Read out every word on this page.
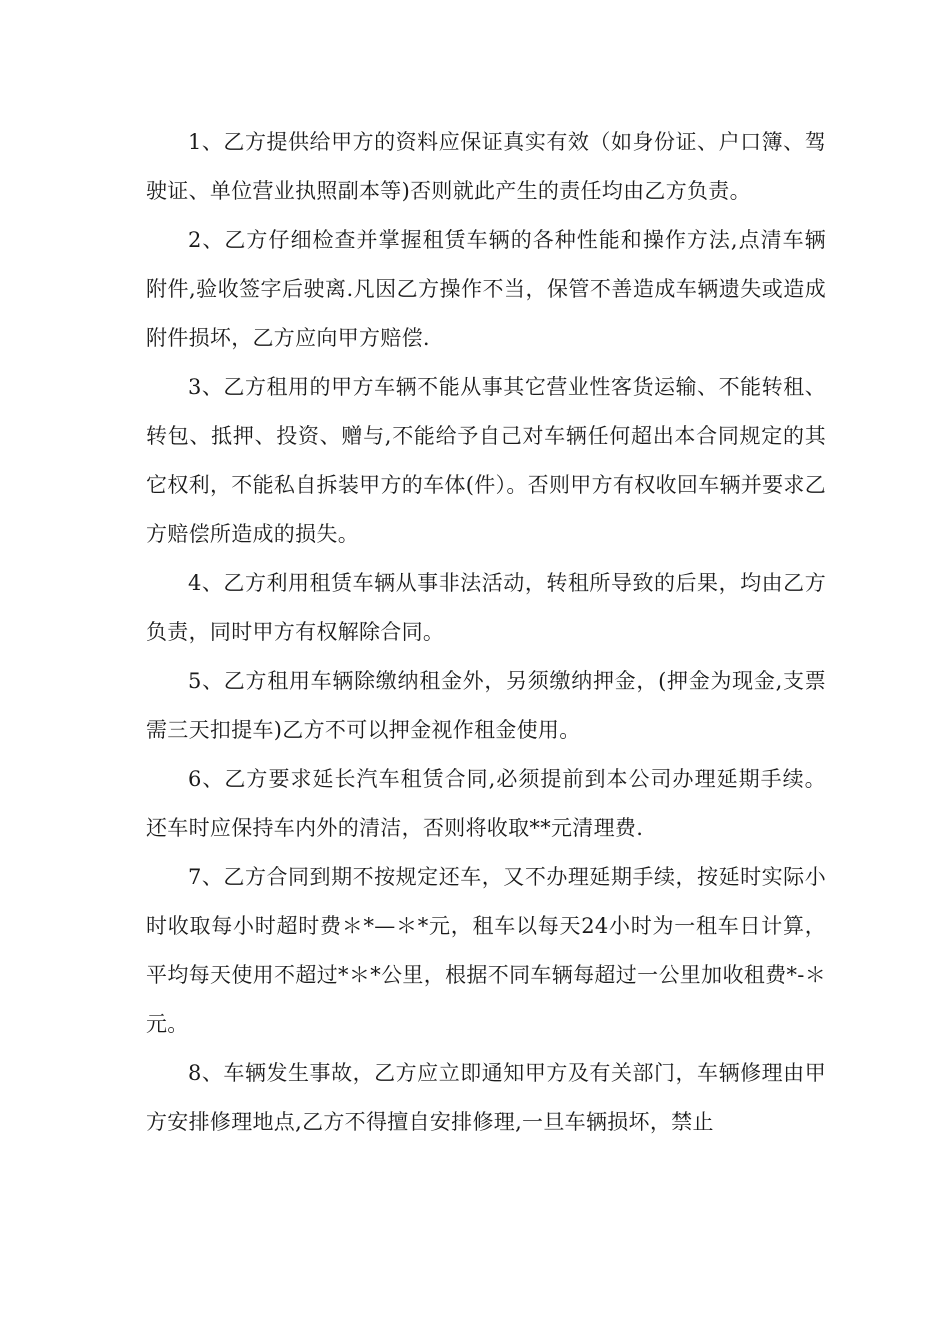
1、乙方提供给甲方的资料应保证真实有效（如身份证、户口簿、驾驶证、单位营业执照副本等)否则就此产生的责任均由乙方负责。

2、乙方仔细检查并掌握租赁车辆的各种性能和操作方法,点清车辆附件,验收签字后驶离.凡因乙方操作不当，保管不善造成车辆遗失或造成附件损坏，乙方应向甲方赔偿.

3、乙方租用的甲方车辆不能从事其它营业性客货运输、不能转租、转包、抵押、投资、赠与,不能给予自己对车辆任何超出本合同规定的其它权利，不能私自拆装甲方的车体(件）。否则甲方有权收回车辆并要求乙方赔偿所造成的损失。

4、乙方利用租赁车辆从事非法活动，转租所导致的后果，均由乙方负责，同时甲方有权解除合同。

5、乙方租用车辆除缴纳租金外，另须缴纳押金，(押金为现金,支票需三天扣提车)乙方不可以押金视作租金使用。

6、乙方要求延长汽车租赁合同,必须提前到本公司办理延期手续。还车时应保持车内外的清洁，否则将收取**元清理费.

7、乙方合同到期不按规定还车，又不办理延期手续，按延时实际小时收取每小时超时费＊*—＊*元，租车以每天24小时为一租车日计算，平均每天使用不超过*＊*公里，根据不同车辆每超过一公里加收租费*-＊元。

8、车辆发生事故，乙方应立即通知甲方及有关部门，车辆修理由甲方安排修理地点,乙方不得擅自安排修理,一旦车辆损坏，禁止
